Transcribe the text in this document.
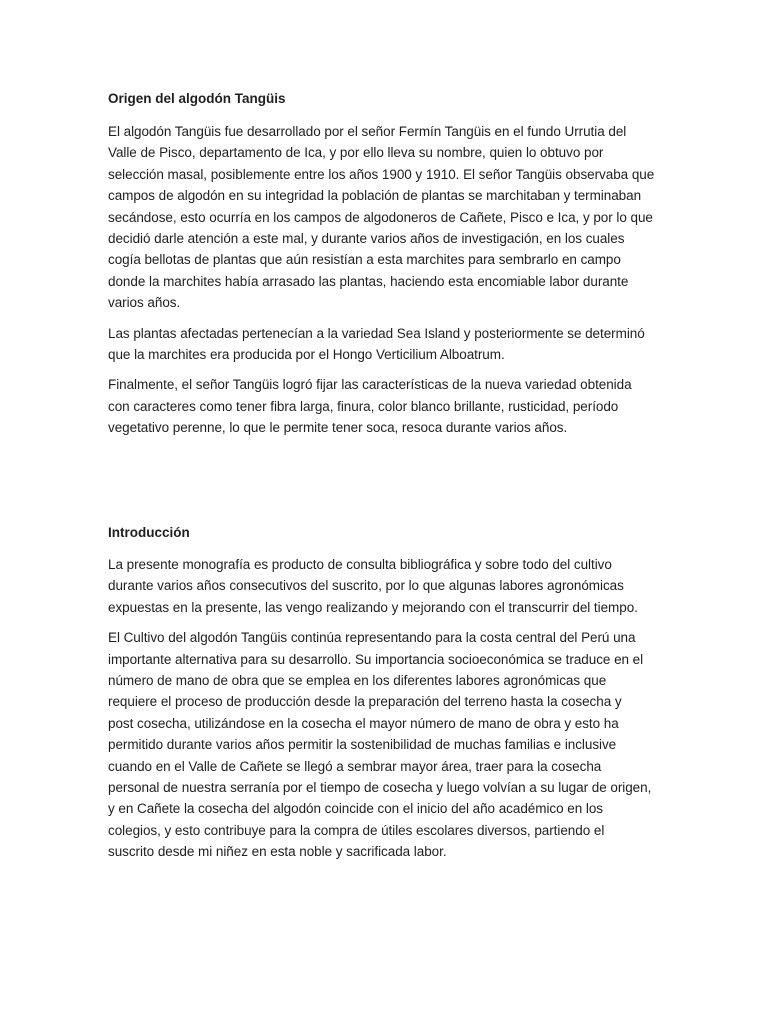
Origen del algodón Tangüis

El algodón Tangüis fue desarrollado por el señor Fermín Tangüis en el fundo Urrutia del
Valle de Pisco, departamento de Ica, y por ello lleva su nombre, quien lo obtuvo por
selección masal, posiblemente entre los años 1900 y 1910. El señor Tangüis observaba que
campos de algodón en su integridad la población de plantas se marchitaban y terminaban
secándose, esto ocurría en los campos de algodoneros de Cañete, Pisco e Ica, y por lo que
decidió darle atención a este mal, y durante varios años de investigación, en los cuales
cogía bellotas de plantas que aún resistían a esta marchites para sembrarlo en campo
donde la marchites había arrasado las plantas, haciendo esta encomiable labor durante
varios años.

Las plantas afectadas pertenecían a la variedad Sea Island y posteriormente se determinó
que la marchites era producida por el Hongo Verticilium Alboatrum.

Finalmente, el señor Tangüis logró fijar las características de la nueva variedad obtenida
con caracteres como tener fibra larga, finura, color blanco brillante, rusticidad, período
vegetativo perenne, lo que le permite tener soca, resoca durante varios años.

Introducción

La presente monografía es producto de consulta bibliográfica y sobre todo del cultivo
durante varios años consecutivos del suscrito, por lo que algunas labores agronómicas
expuestas en la presente, las vengo realizando y mejorando con el transcurrir del tiempo.

El Cultivo del algodón Tangüis continúa representando para la costa central del Perú una
importante alternativa para su desarrollo. Su importancia socioeconómica se traduce en el
número de mano de obra que se emplea en los diferentes labores agronómicas que
requiere el proceso de producción desde la preparación del terreno hasta la cosecha y
post cosecha, utilizándose en la cosecha el mayor número de mano de obra y esto ha
permitido durante varios años permitir la sostenibilidad de muchas familias e inclusive
cuando en el Valle de Cañete se llegó a sembrar mayor área, traer para la cosecha
personal de nuestra serranía por el tiempo de cosecha y luego volvían a su lugar de origen,
y en Cañete la cosecha del algodón coincide con el inicio del año académico en los
colegios, y esto contribuye para la compra de útiles escolares diversos, partiendo el
suscrito desde mi niñez en esta noble y sacrificada labor.
